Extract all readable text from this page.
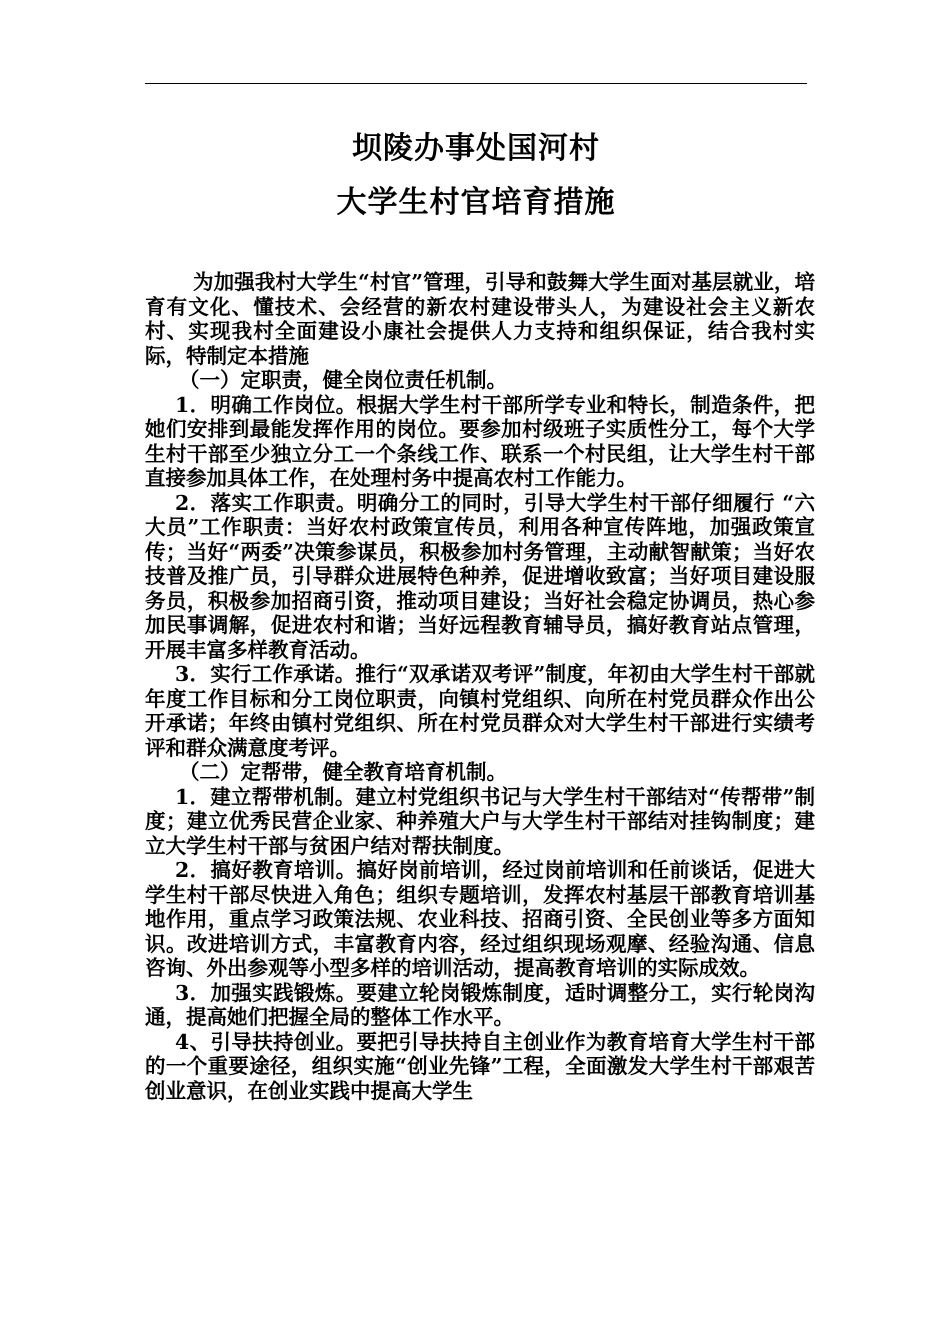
坝陵办事处国河村
大学生村官培育措施

为加强我村大学生“村官”管理，引导和鼓舞大学生面对基层就业，培育有文化、懂技术、会经营的新农村建设带头人，为建设社会主义新农村、实现我村全面建设小康社会提供人力支持和组织保证，结合我村实际，特制定本措施

（一）定职责，健全岗位责任机制。

1．明确工作岗位。根据大学生村干部所学专业和特长，制造条件，把她们安排到最能发挥作用的岗位。要参加村级班子实质性分工，每个大学生村干部至少独立分工一个条线工作、联系一个村民组，让大学生村干部直接参加具体工作，在处理村务中提高农村工作能力。

2．落实工作职责。明确分工的同时，引导大学生村干部仔细履行 “六大员”工作职责：当好农村政策宣传员，利用各种宣传阵地，加强政策宣传；当好“两委”决策参谋员，积极参加村务管理，主动献智献策；当好农技普及推广员，引导群众进展特色种养，促进增收致富；当好项目建设服务员，积极参加招商引资，推动项目建设；当好社会稳定协调员，热心参加民事调解，促进农村和谐；当好远程教育辅导员，搞好教育站点管理，开展丰富多样教育活动。

3．实行工作承诺。推行“双承诺双考评”制度，年初由大学生村干部就年度工作目标和分工岗位职责，向镇村党组织、向所在村党员群众作出公开承诺；年终由镇村党组织、所在村党员群众对大学生村干部进行实绩考评和群众满意度考评。

（二）定帮带，健全教育培育机制。

1．建立帮带机制。建立村党组织书记与大学生村干部结对“传帮带”制度；建立优秀民营企业家、种养殖大户与大学生村干部结对挂钩制度；建立大学生村干部与贫困户结对帮扶制度。

2．搞好教育培训。搞好岗前培训，经过岗前培训和任前谈话，促进大学生村干部尽快进入角色；组织专题培训，发挥农村基层干部教育培训基地作用，重点学习政策法规、农业科技、招商引资、全民创业等多方面知识。改进培训方式，丰富教育内容，经过组织现场观摩、经验沟通、信息咨询、外出参观等小型多样的培训活动，提高教育培训的实际成效。

3．加强实践锻炼。要建立轮岗锻炼制度，适时调整分工，实行轮岗沟通，提高她们把握全局的整体工作水平。

4、引导扶持创业。要把引导扶持自主创业作为教育培育大学生村干部的一个重要途径，组织实施“创业先锋”工程，全面激发大学生村干部艰苦创业意识，在创业实践中提高大学生
